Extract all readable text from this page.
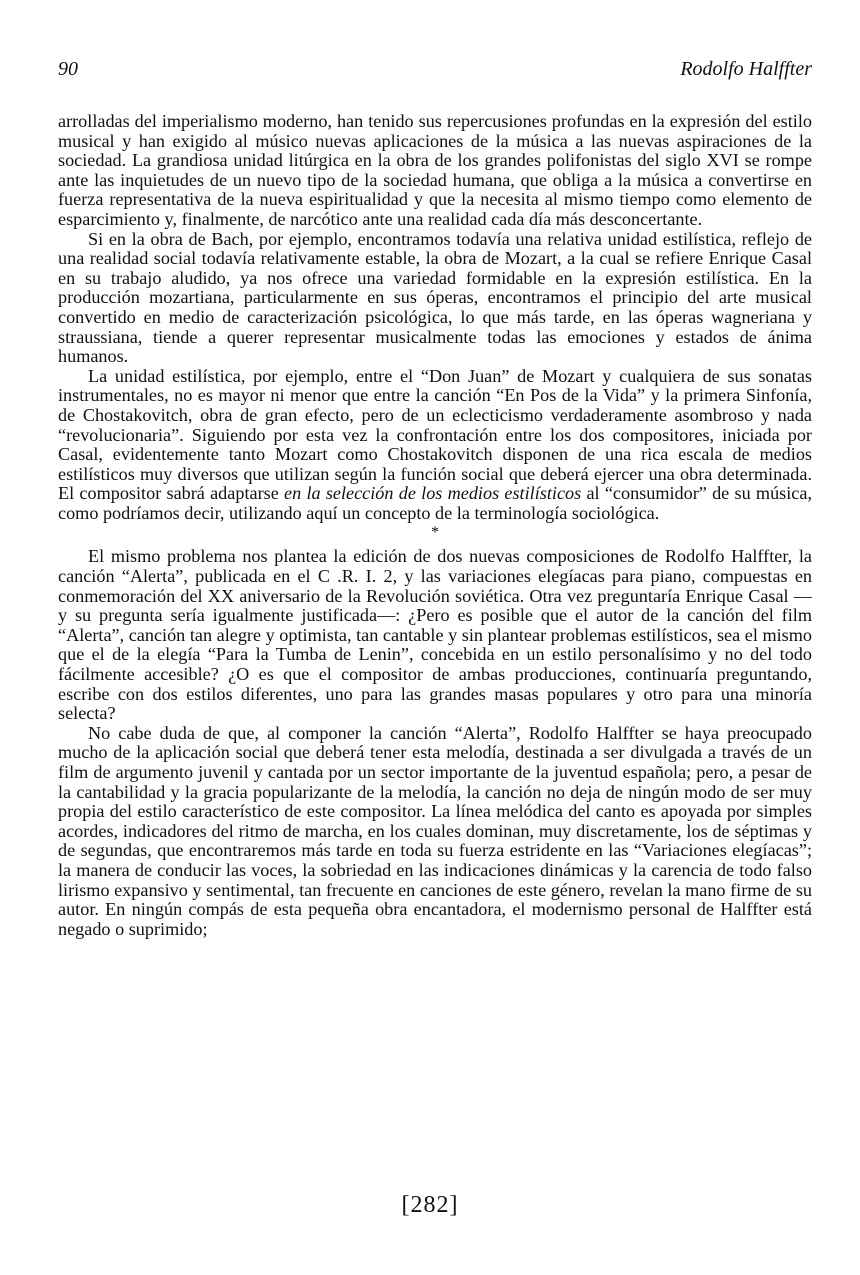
90	Rodolfo Halffter

arrolladas del imperialismo moderno, han tenido sus repercusiones profundas en la expresión del estilo musical y han exigido al músico nuevas aplicaciones de la música a las nuevas aspiraciones de la sociedad. La grandiosa unidad litúrgica en la obra de los grandes polifonistas del siglo XVI se rompe ante las inquietudes de un nuevo tipo de la sociedad humana, que obliga a la música a convertirse en fuerza representativa de la nueva espiritualidad y que la necesita al mismo tiempo como elemento de esparcimiento y, finalmente, de narcótico ante una realidad cada día más desconcertante.

Si en la obra de Bach, por ejemplo, encontramos todavía una relativa unidad estilística, reflejo de una realidad social todavía relativamente estable, la obra de Mozart, a la cual se refiere Enrique Casal en su trabajo aludido, ya nos ofrece una variedad formidable en la expresión estilística. En la producción mozartiana, particularmente en sus óperas, encontramos el principio del arte musical convertido en medio de caracterización psicológica, lo que más tarde, en las óperas wagneriana y straussiana, tiende a querer representar musicalmente todas las emociones y estados de ánima humanos.

La unidad estilística, por ejemplo, entre el “Don Juan” de Mozart y cualquiera de sus sonatas instrumentales, no es mayor ni menor que entre la canción “En Pos de la Vida” y la primera Sinfonía, de Chostakovitch, obra de gran efecto, pero de un eclecticismo verdaderamente asombroso y nada “revolucionaria”. Siguiendo por esta vez la confrontación entre los dos compositores, iniciada por Casal, evidentemente tanto Mozart como Chostakovitch disponen de una rica escala de medios estilísticos muy diversos que utilizan según la función social que deberá ejercer una obra determinada. El compositor sabrá adaptarse en la selección de los medios estilísticos al “consumidor” de su música, como podríamos decir, utilizando aquí un concepto de la terminología sociológica.

*

El mismo problema nos plantea la edición de dos nuevas composiciones de Rodolfo Halffter, la canción “Alerta”, publicada en el C .R. I. 2, y las variaciones elegíacas para piano, compuestas en conmemoración del XX aniversario de la Revolución soviética. Otra vez preguntaría Enrique Casal —y su pregunta sería igualmente justificada—: ¿Pero es posible que el autor de la canción del film “Alerta”, canción tan alegre y optimista, tan cantable y sin plantear problemas estilísticos, sea el mismo que el de la elegía “Para la Tumba de Lenin”, concebida en un estilo personalísimo y no del todo fácilmente accesible? ¿O es que el compositor de ambas producciones, continuaría preguntando, escribe con dos estilos diferentes, uno para las grandes masas populares y otro para una minoría selecta?

No cabe duda de que, al componer la canción “Alerta”, Rodolfo Halffter se haya preocupado mucho de la aplicación social que deberá tener esta melodía, destinada a ser divulgada a través de un film de argumento juvenil y cantada por un sector importante de la juventud española; pero, a pesar de la cantabilidad y la gracia popularizante de la melodía, la canción no deja de ningún modo de ser muy propia del estilo característico de este compositor. La línea melódica del canto es apoyada por simples acordes, indicadores del ritmo de marcha, en los cuales dominan, muy discretamente, los de séptimas y de segundas, que encontraremos más tarde en toda su fuerza estridente en las “Variaciones elegíacas”; la manera de conducir las voces, la sobriedad en las indicaciones dinámicas y la carencia de todo falso lirismo expansivo y sentimental, tan frecuente en canciones de este género, revelan la mano firme de su autor. En ningún compás de esta pequeña obra encantadora, el modernismo personal de Halffter está negado o suprimido;

[282]
